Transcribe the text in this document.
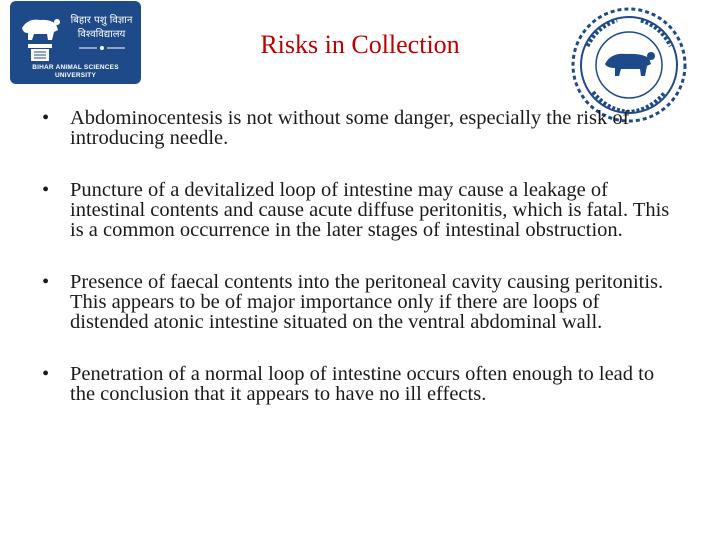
बिहार पशु विज्ञान
विश्वविद्यालय
BIHAR ANIMAL SCIENCES
UNIVERSITY
Risks in Collection
• Abdominocentesis is not without some danger, especially the risk of introducing needle.
• Puncture of a devitalized loop of intestine may cause a leakage of intestinal contents and cause acute diffuse peritonitis, which is fatal. This is a common occurrence in the later stages of intestinal obstruction.
• Presence of faecal contents into the peritoneal cavity causing peritonitis. This appears to be of major importance only if there are loops of distended atonic intestine situated on the ventral abdominal wall.
• Penetration of a normal loop of intestine occurs often enough to lead to the conclusion that it appears to have no ill effects.
